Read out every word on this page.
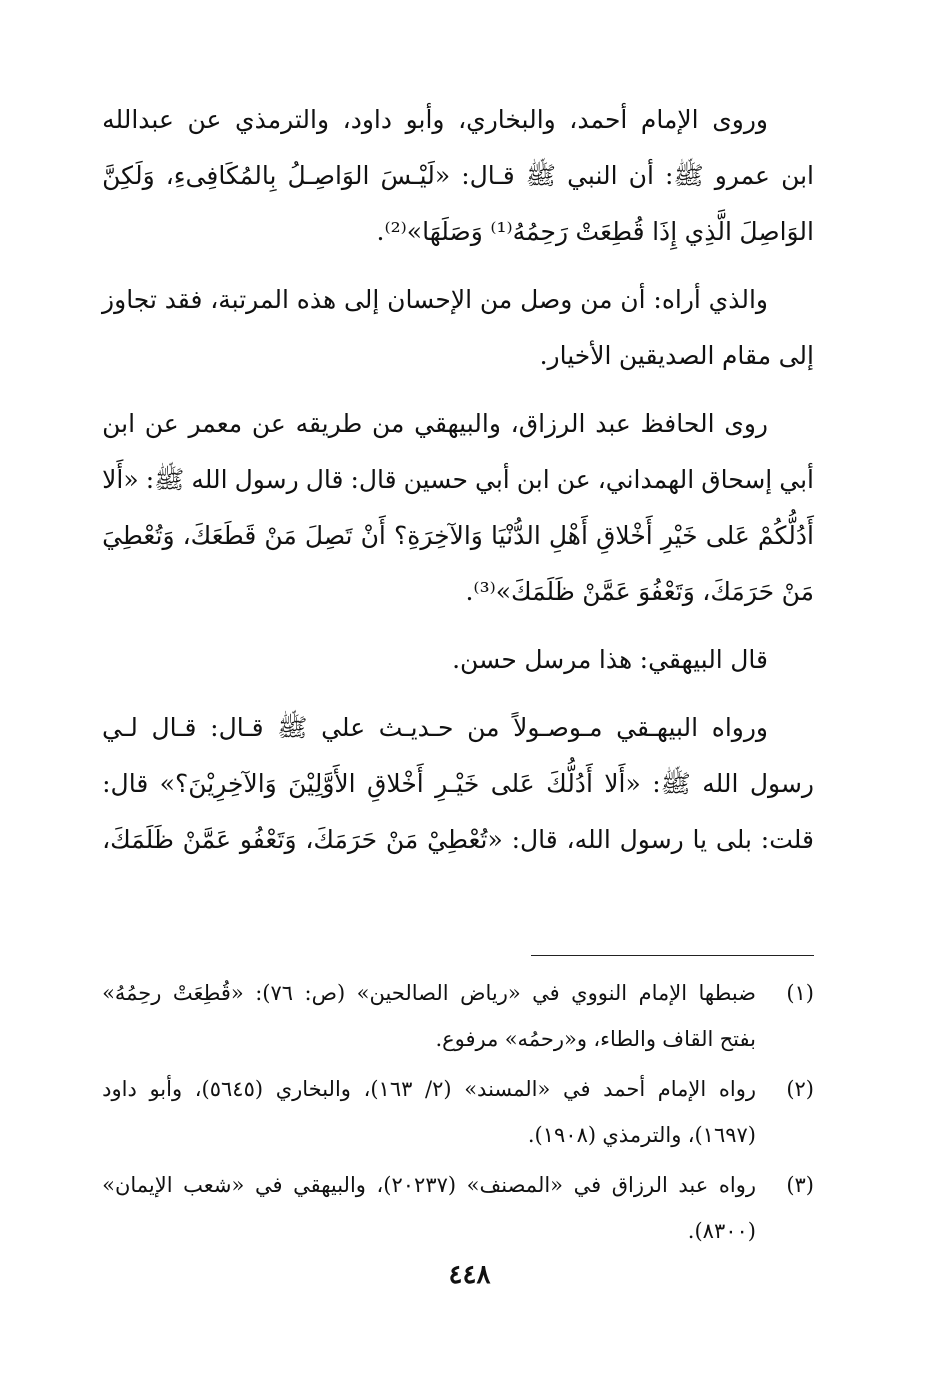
وروى
الإمام
أحمد،
والبخاري،
وأبو
داود،
والترمذي
عن
عبدالله
ابن
عمرو
ﷺ:
أن
النبي
ﷺ
قـال:
«لَيْـسَ
الوَاصِـلُ
بِالمُكَافِىءِ،
وَلَكِنَّ
الوَاصِلَ
الَّذِي
إِذَا
قُطِعَتْ
رَحِمُهُ⁽¹⁾
وَصَلَهَا»⁽²⁾.
والذي
أراه:
أن
من
وصل
من
الإحسان
إلى
هذه
المرتبة،
فقد
تجاوز
إلى
مقام
الصديقين
الأخيار.
روى
الحافظ
عبد
الرزاق،
والبيهقي
من
طريقه
عن
معمر
عن
ابن
أبي
إسحاق
الهمداني،
عن
ابن
أبي
حسين
قال:
قال
رسول
الله
ﷺ:
«أَلا
أَدُلُّكُمْ
عَلى
خَيْرِ
أَخْلاقِ
أَهْلِ
الدُّنْيَا
وَالآخِرَةِ؟
أَنْ
تَصِلَ
مَنْ
قَطَعَكَ،
وَتُعْطِيَ
مَنْ
حَرَمَكَ،
وَتَعْفُوَ
عَمَّنْ
ظَلَمَكَ»⁽³⁾.
قال
البيهقي:
هذا
مرسل
حسن.
ورواه
البيهـقي
مـوصـولاً
من
حـديـث
علي
ﷺ
قـال:
قـال
لـي
رسول
الله
ﷺ:
«أَلا
أَدُلُّكَ
عَلى
خَيْـرِ
أَخْلاقِ
الأَوَّلِيْنَ
وَالآخِرِيْنَ؟»
قال:
قلت:
بلى
يا
رسول
الله،
قال:
«تُعْطِيْ
مَنْ
حَرَمَكَ،
وَتَعْفُو
عَمَّنْ
ظَلَمَكَ،
(١)
ضبطها
الإمام
النووي
في
«رياض
الصالحين»
(ص:
٧٦):
«قُطِعَتْ
رحِمُهُ»
بفتح
القاف
والطاء،
و«رحمُه»
مرفوع.
(٢)
رواه
الإمام
أحمد
في
«المسند»
(٢/
١٦٣)،
والبخاري
(٥٦٤٥)،
وأبو
داود
(١٦٩٧)،
والترمذي
(١٩٠٨).
(٣)
رواه
عبد
الرزاق
في
«المصنف»
(٢٠٢٣٧)،
والبيهقي
في
«شعب
الإيمان»
(٨٣٠٠).
٤٤٨
